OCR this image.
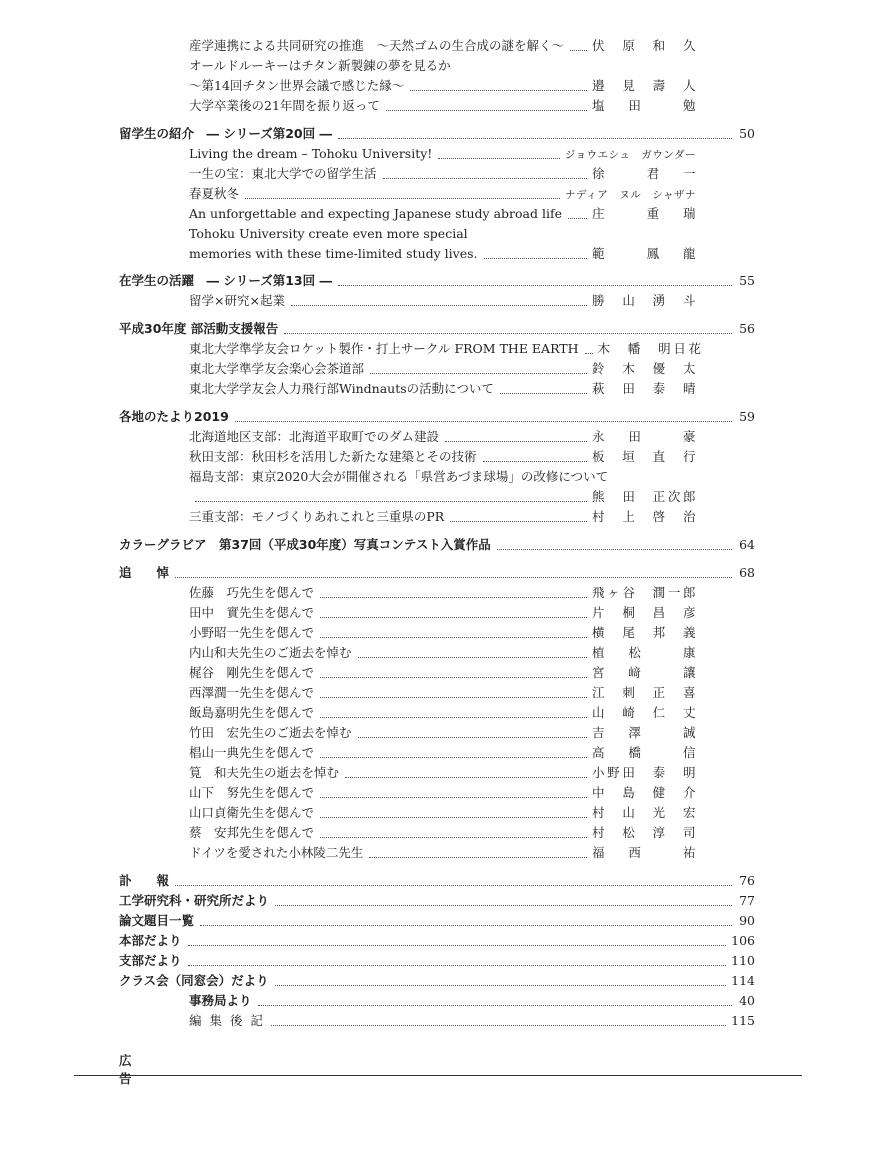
産学連携による共同研究の推進　～天然ゴムの生合成の謎を解く～ 伏　原　和　久
オールドルーキーはチタン新製錬の夢を見るか
～第14回チタン世界会議で感じた縁～	邉　見　壽　人
大学卒業後の21年間を振り返って	塩　田　　勉
留学生の紹介　― シリーズ第20回 ―	50
Living the dream – Tohoku University!	ジョウエシュ　ガウンダー
一生の宝：東北大学での留学生活	徐　　君　一
春夏秋冬	ナディア　ヌル　シャザナ
An unforgettable and expecting Japanese study abroad life 庄　　重　瑞
Tohoku University create even more special
memories with these time-limited study lives.	範　　鳳　龍
在学生の活躍　― シリーズ第13回 ―	55
留学×研究×起業	勝　山　湧　斗
平成30年度 部活動支援報告	56
東北大学準学友会ロケット製作・打上サークル FROM THE EARTH 木　幡　明日花
東北大学準学友会楽心会茶道部	鈴　木　優　太
東北大学学友会人力飛行部Windnautsの活動について	萩　田　泰　晴
各地のたより2019	59
北海道地区支部：北海道平取町でのダム建設	永　田　　豪
秋田支部：秋田杉を活用した新たな建築とその技術	板　垣　直　行
福島支部：東京2020大会が開催される「県営あづま球場」の改修について
熊　田　正次郎
三重支部：モノづくりあれこれと三重県のPR	村　上　啓　治
カラーグラビア　第37回（平成30年度）写真コンテスト入賞作品	64
追　　悼	68
佐藤　巧先生を偲んで	飛ヶ谷　潤一郎
田中　實先生を偲んで	片　桐　昌　彦
小野昭一先生を偲んで	横　尾　邦　義
内山和夫先生のご逝去を悼む	植　松　　康
梶谷　剛先生を偲んで	宮　﨑　　讓
西澤潤一先生を偲んで	江　刺　正　喜
飯島嘉明先生を偲んで	山　崎　仁　丈
竹田　宏先生のご逝去を悼む	吉　澤　　誠
椙山一典先生を偲んで	高　橋　　信
筧　和夫先生の逝去を悼む	小野田　泰　明
山下　努先生を偲んで	中　島　健　介
山口貞衛先生を偲んで	村　山　光　宏
蔡　安邦先生を偲んで	村　松　淳　司
ドイツを愛された小林陵二先生	福　西　　祐
訃　　報	76
工学研究科・研究所だより	77
論文題目一覧	90
本部だより	106
支部だより	110
クラス会（同窓会）だより	114
事務局より	40
編 集 後 記	115
広告
